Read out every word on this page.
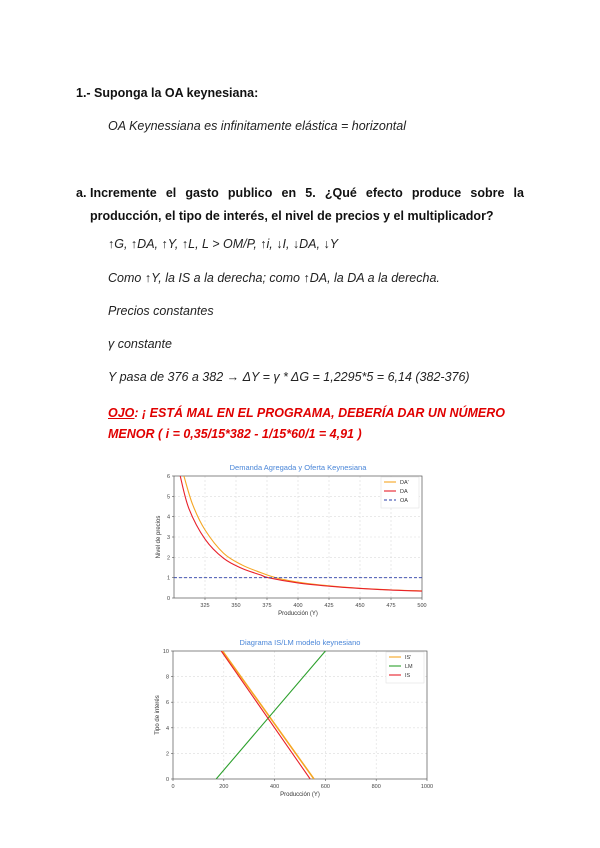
1.- Suponga la OA keynesiana:
OA Keynessiana es infinitamente elástica = horizontal
a. Incremente el gasto publico en 5. ¿Qué efecto produce sobre la producción, el tipo de interés, el nivel de precios y el multiplicador?
↑G, ↑DA, ↑Y, ↑L, L > OM/P, ↑i, ↓I, ↓DA, ↓Y
Como ↑Y, la IS a la derecha; como ↑DA, la DA a la derecha.
Precios constantes
γ constante
Y pasa de 376 a 382 → ΔY = γ * ΔG = 1,2295*5 = 6,14 (382-376)
OJO: ¡ ESTÁ MAL EN EL PROGRAMA, DEBERÍA DAR UN NÚMERO MENOR ( i = 0,35/15*382 - 1/15*60/1 = 4,91 )
Demanda Agregada y Oferta Keynesiana
325	350	375	400	425	450	475	500
0
1
2
3
4
5
6
Producción (Y)
Nivel de precios
DA'
DA
OA
Diagrama IS/LM modelo keynesiano
0	200	400	600	800	1000
0
2
4
6
8
10
Producción (Y)
Tipo de interés
IS'
LM
IS
